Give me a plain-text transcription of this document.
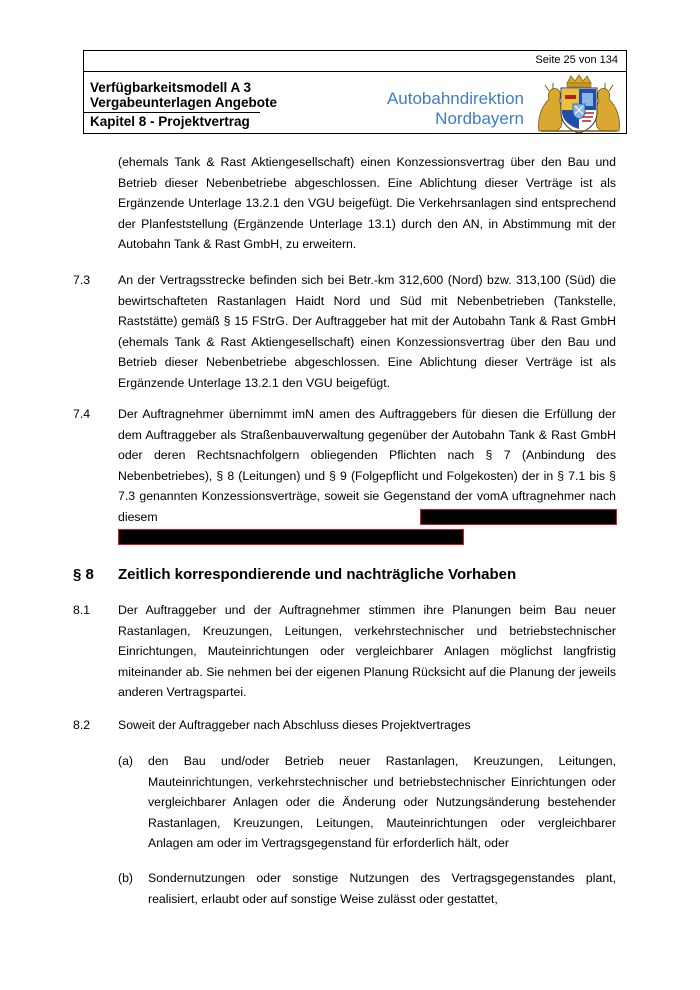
Seite 25 von 134
Verfügbarkeitsmodell A 3
Vergabeunterlagen Angebote
Kapitel 8 - Projektvertrag
Autobahndirektion
Nordbayern
(ehemals Tank & Rast Aktiengesellschaft) einen Konzessionsvertrag über den Bau und Betrieb dieser Nebenbetriebe abgeschlossen. Eine Ablichtung dieser Verträge ist als Ergänzende Unterlage 13.2.1 den VGU beigefügt. Die Verkehrsanlagen sind entsprechend der Planfeststellung (Ergänzende Unterlage 13.1) durch den AN, in Abstimmung mit der Autobahn Tank & Rast GmbH, zu erweitern.
7.3 An der Vertragsstrecke befinden sich bei Betr.-km 312,600 (Nord) bzw. 313,100 (Süd) die bewirtschafteten Rastanlagen Haidt Nord und Süd mit Nebenbetrieben (Tankstelle, Raststätte) gemäß § 15 FStrG. Der Auftraggeber hat mit der Autobahn Tank & Rast GmbH (ehemals Tank & Rast Aktiengesellschaft) einen Konzessionsvertrag über den Bau und Betrieb dieser Nebenbetriebe abgeschlossen. Eine Ablichtung dieser Verträge ist als Ergänzende Unterlage 13.2.1 den VGU beigefügt.
7.4 Der Auftragnehmer übernimmt imN amen des Auftraggebers für diesen die Erfüllung der dem Auftraggeber als Straßenbauverwaltung gegenüber der Autobahn Tank & Rast GmbH oder deren Rechtsnachfolgern obliegenden Pflichten nach § 7 (Anbindung des Nebenbetriebes), § 8 (Leitungen) und § 9 (Folgepflicht und Folgekosten) der in § 7.1 bis § 7.3 genannten Konzessionsverträge, soweit sie Gegenstand der vomA uftragnehmer nach diesem

§ 8 Zeitlich korrespondierende und nachträgliche Vorhaben
8.1 Der Auftraggeber und der Auftragnehmer stimmen ihre Planungen beim Bau neuer Rastanlagen, Kreuzungen, Leitungen, verkehrstechnischer und betriebstechnischer Einrichtungen, Mauteinrichtungen oder vergleichbarer Anlagen möglichst langfristig miteinander ab. Sie nehmen bei der eigenen Planung Rücksicht auf die Planung der jeweils anderen Vertragspartei.
8.2 Soweit der Auftraggeber nach Abschluss dieses Projektvertrages
(a) den Bau und/oder Betrieb neuer Rastanlagen, Kreuzungen, Leitungen, Mauteinrichtungen, verkehrstechnischer und betriebstechnischer Einrichtungen oder vergleichbarer Anlagen oder die Änderung oder Nutzungsänderung bestehender Rastanlagen, Kreuzungen, Leitungen, Mauteinrichtungen oder vergleichbarer Anlagen am oder im Vertragsgegenstand für erforderlich hält, oder
(b) Sondernutzungen oder sonstige Nutzungen des Vertragsgegenstandes plant, realisiert, erlaubt oder auf sonstige Weise zulässt oder gestattet,
